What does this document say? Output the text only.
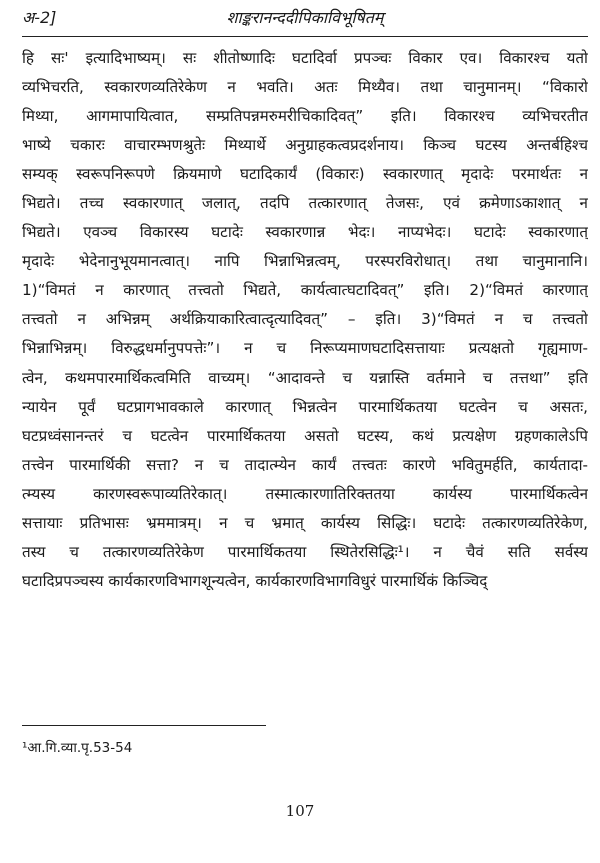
अ-2]	शाङ्करानन्ददीपिकाविभूषितम्
हि सः' इत्यादिभाष्यम्। सः शीतोष्णादिः घटादिर्वा प्रपञ्चः विकार एव। विकारश्च यतो
व्यभिचरति, स्वकारणव्यतिरेकेण न भवति। अतः मिथ्यैव। तथा चानुमानम्। “विकारो
मिथ्या, आगमापायित्वात, सम्प्रतिपन्नमरुमरीचिकादिवत्” इति। विकारश्च व्यभिचरतीत
भाष्ये चकारः वाचारम्भणश्रुतेः मिथ्यार्थे अनुग्राहकत्वप्रदर्शनाय। किञ्च घटस्य अन्तर्बहिश्च
सम्यक् स्वरूपनिरूपणे क्रियमाणे घटादिकार्यं (विकारः) स्वकारणात् मृदादेः परमार्थतः न
भिद्यते। तच्च स्वकारणात् जलात्, तदपि तत्कारणात् तेजसः, एवं क्रमेणाऽकाशात् न
भिद्यते। एवञ्च विकारस्य घटादेः स्वकारणान्न भेदः। नाप्यभेदः। घटादेः स्वकारणात्
मृदादेः भेदेनानुभूयमानत्वात्। नापि भिन्नाभिन्नत्वम्, परस्परविरोधात्। तथा चानुमानानि।
1)“विमतं न कारणात् तत्त्वतो भिद्यते, कार्यत्वात्घटादिवत्” इति। 2)“विमतं कारणात्
तत्त्वतो न अभिन्नम् अर्थक्रियाकारित्वात्दृत्यादिवत्” – इति। 3)“विमतं न च तत्त्वतो
भिन्नाभिन्नम्। विरुद्धधर्मानुपपत्तेः”। न च निरूप्यमाणघटादिसत्तायाः प्रत्यक्षतो गृह्यमाण-
त्वेन, कथमपारमार्थिकत्वमिति वाच्यम्। “आदावन्ते च यन्नास्ति वर्तमाने च तत्तथा” इति
न्यायेन पूर्वं घटप्रागभावकाले कारणात् भिन्नत्वेन पारमार्थिकतया घटत्वेन च असतः,
घटप्रध्वंसानन्तरं च घटत्वेन पारमार्थिकतया असतो घटस्य, कथं प्रत्यक्षेण ग्रहणकालेऽपि
तत्त्वेन पारमार्थिकी सत्ता? न च तादात्म्येन कार्यं तत्त्वतः कारणे भवितुमर्हति, कार्यतादा-
त्म्यस्य कारणस्वरूपाव्यतिरेकात्। तस्मात्कारणातिरिक्ततया कार्यस्य पारमार्थिकत्वेन
सत्तायाः प्रतिभासः भ्रममात्रम्। न च भ्रमात् कार्यस्य सिद्धिः। घटादेः तत्कारणव्यतिरेकेण,
तस्य च तत्कारणव्यतिरेकेण पारमार्थिकतया स्थितेरसिद्धिः¹। न चैवं सति सर्वस्य
घटादिप्रपञ्चस्य कार्यकारणविभागशून्यत्वेन, कार्यकारणविभागविधुरं पारमार्थिकं किञ्चिद्
¹आ.गि.व्या.पृ.53-54
107
